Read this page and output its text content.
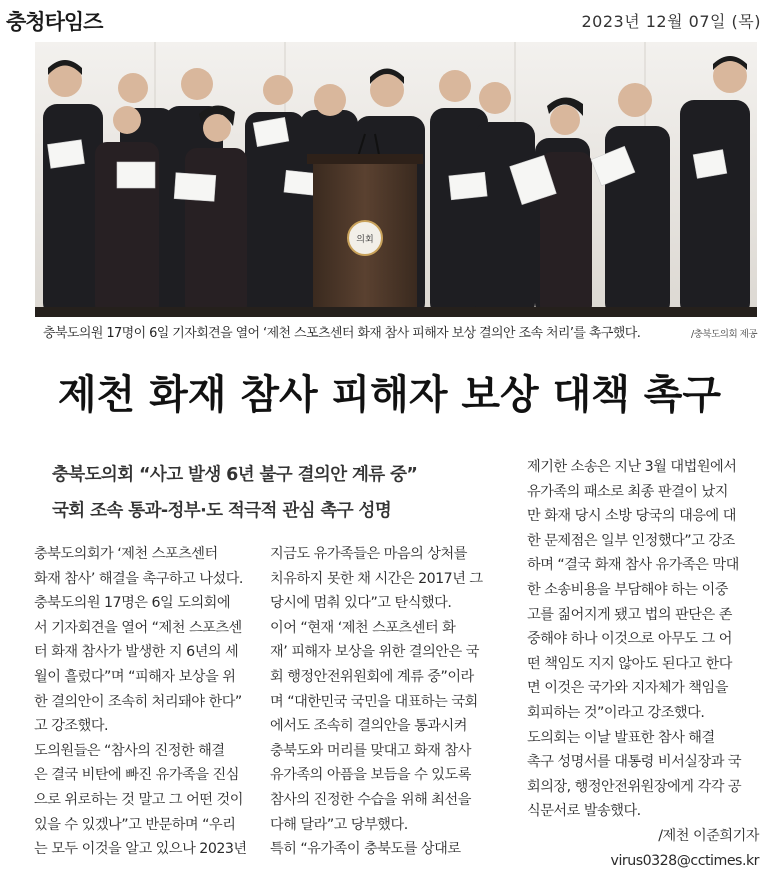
충청타임즈	2023년 12월 07일 (목)
의회
충북도의원 17명이 6일 기자회견을 열어 ‘제천 스포츠센터 화재 참사 피해자 보상 결의안 조속 처리’를 촉구했다.	/충북도의회 제공
제천 화재 참사 피해자 보상 대책 촉구
충북도의회 “사고 발생 6년 불구 결의안 계류 중”
국회 조속 통과-정부·도 적극적 관심 촉구 성명

충북도의회가 ‘제천 스포츠센터

화재 참사’ 해결을 촉구하고 나섰다.

충북도의원 17명은 6일 도의회에

서 기자회견을 열어 “제천 스포츠센

터 화재 참사가 발생한 지 6년의 세

월이 흘렀다”며 “피해자 보상을 위

한 결의안이 조속히 처리돼야 한다”

고 강조했다.

도의원들은 “참사의 진정한 해결

은 결국 비탄에 빠진 유가족을 진심

으로 위로하는 것 말고 그 어떤 것이

있을 수 있겠나”고 반문하며 “우리

는 모두 이것을 알고 있으나 2023년

지금도 유가족들은 마음의 상처를

치유하지 못한 채 시간은 2017년 그

당시에 멈춰 있다”고 탄식했다.

이어 “현재 ‘제천 스포츠센터 화

재’ 피해자 보상을 위한 결의안은 국

회 행정안전위원회에 계류 중”이라

며 “대한민국 국민을 대표하는 국회

에서도 조속히 결의안을 통과시켜

충북도와 머리를 맞대고 화재 참사

유가족의 아픔을 보듬을 수 있도록

참사의 진정한 수습을 위해 최선을

다해 달라”고 당부했다.

특히 “유가족이 충북도를 상대로

제기한 소송은 지난 3월 대법원에서

유가족의 패소로 최종 판결이 났지

만 화재 당시 소방 당국의 대응에 대

한 문제점은 일부 인정했다”고 강조

하며 “결국 화재 참사 유가족은 막대

한 소송비용을 부담해야 하는 이중

고를 짊어지게 됐고 법의 판단은 존

중해야 하나 이것으로 아무도 그 어

떤 책임도 지지 않아도 된다고 한다

면 이것은 국가와 지자체가 책임을

회피하는 것”이라고 강조했다.

도의회는 이날 발표한 참사 해결

촉구 성명서를 대통령 비서실장과 국

회의장, 행정안전위원장에게 각각 공

식문서로 발송했다.

/제천 이준희기자

virus0328@cctimes.kr
